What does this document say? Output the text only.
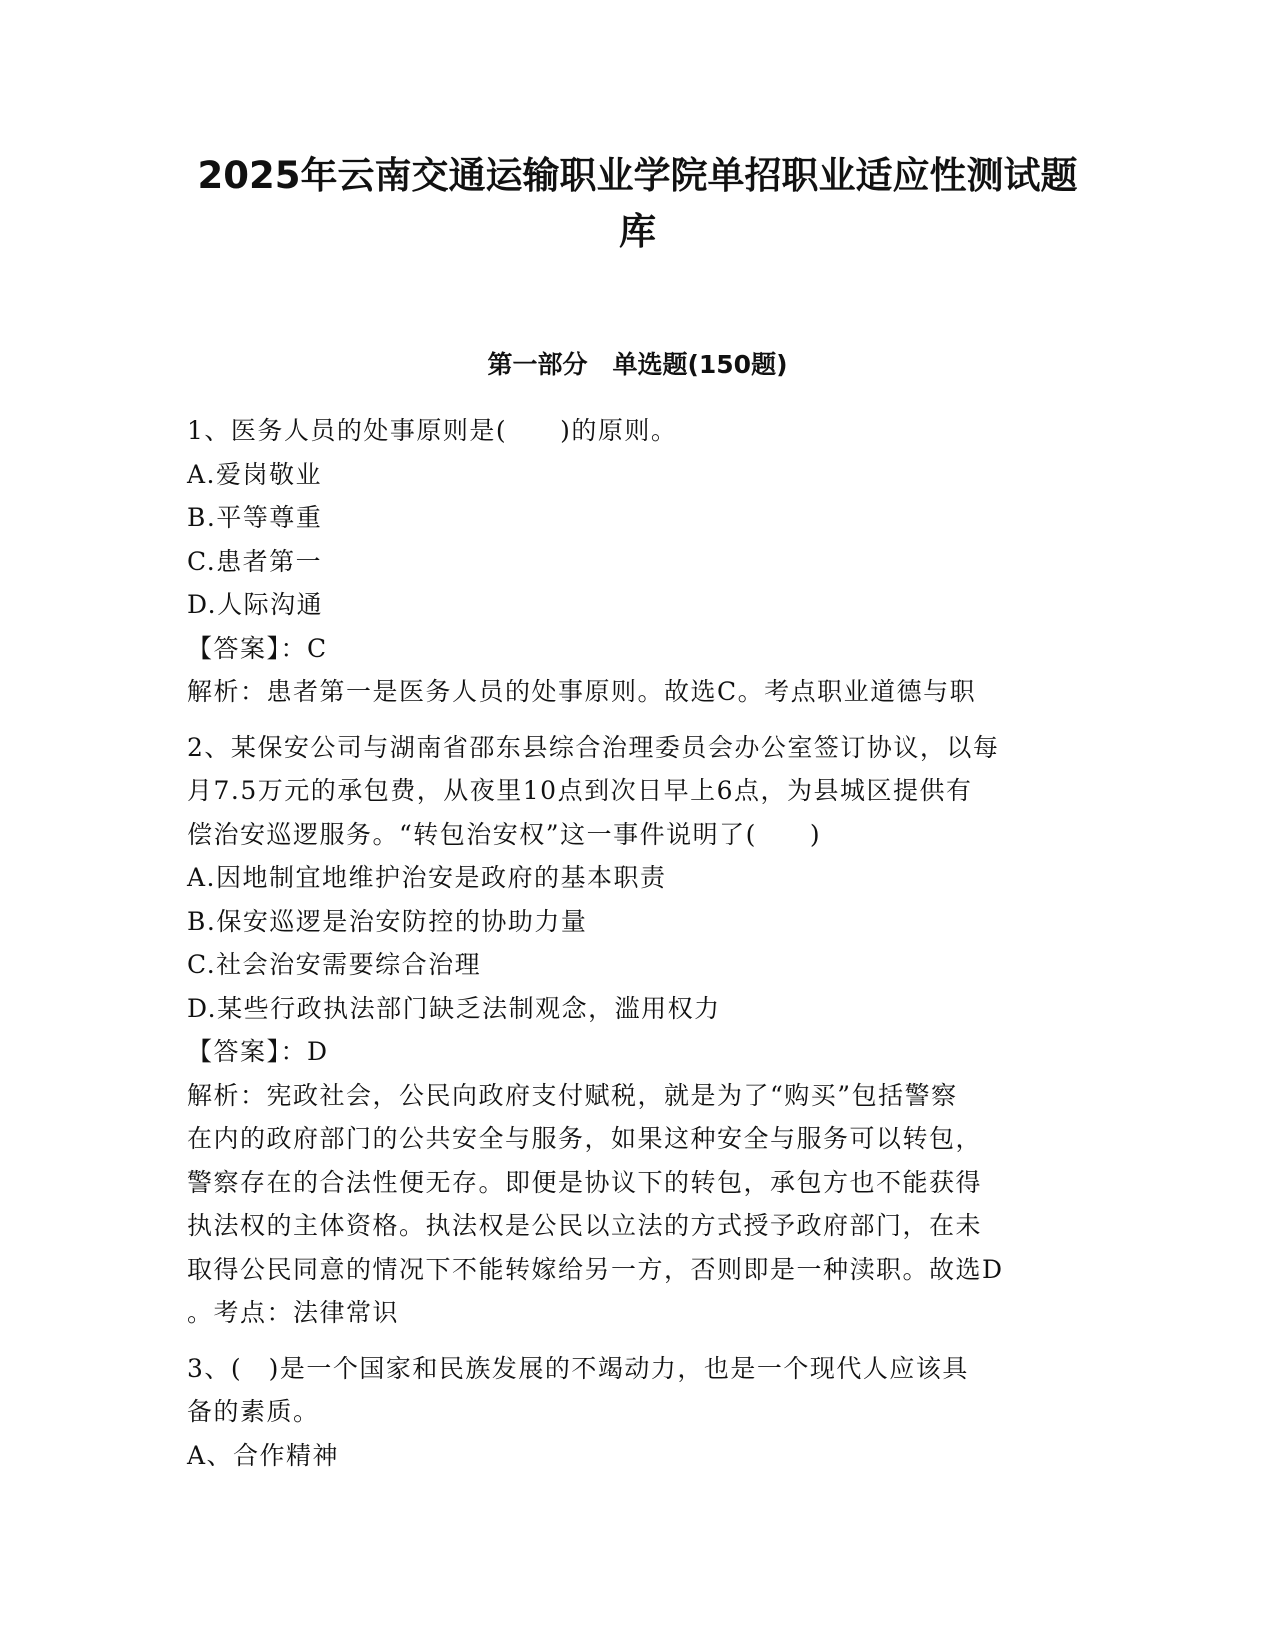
2025年云南交通运输职业学院单招职业适应性测试题
库
第一部分　单选题(150题)

1、医务人员的处事原则是(　　)的原则。

A.爱岗敬业

B.平等尊重

C.患者第一

D.人际沟通

【答案】：C

解析：患者第一是医务人员的处事原则。故选C。考点职业道德与职

2、某保安公司与湖南省邵东县综合治理委员会办公室签订协议，以每

月7.5万元的承包费，从夜里10点到次日早上6点，为县城区提供有

偿治安巡逻服务。“转包治安权”这一事件说明了(　　)

A.因地制宜地维护治安是政府的基本职责

B.保安巡逻是治安防控的协助力量

C.社会治安需要综合治理

D.某些行政执法部门缺乏法制观念，滥用权力

【答案】：D

解析：宪政社会，公民向政府支付赋税，就是为了“购买”包括警察

在内的政府部门的公共安全与服务，如果这种安全与服务可以转包，

警察存在的合法性便无存。即便是协议下的转包，承包方也不能获得

执法权的主体资格。执法权是公民以立法的方式授予政府部门，在未

取得公民同意的情况下不能转嫁给另一方，否则即是一种渎职。故选D

。考点：法律常识

3、(　)是一个国家和民族发展的不竭动力，也是一个现代人应该具

备的素质。

A、合作精神
